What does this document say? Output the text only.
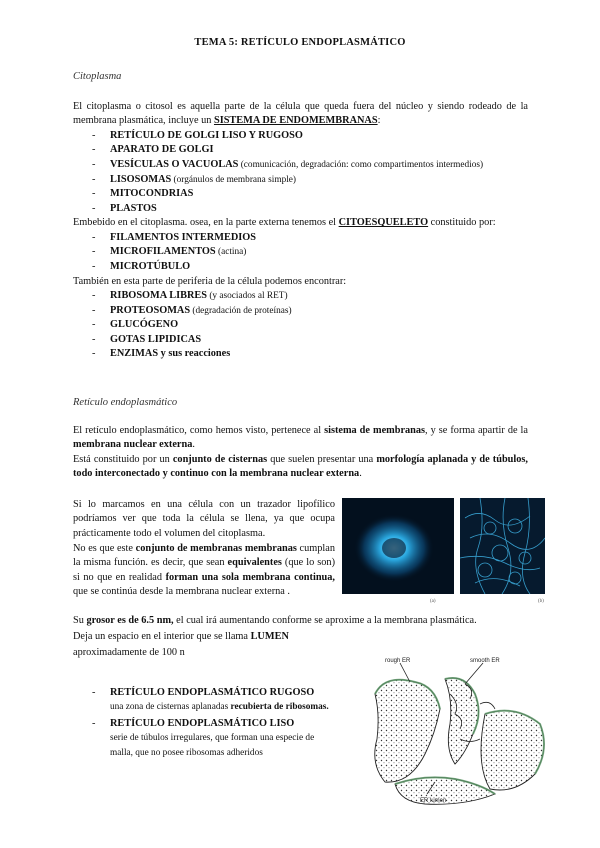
TEMA 5: RETÍCULO ENDOPLASMÁTICO
Citoplasma
El citoplasma o citosol es aquella parte de la célula que queda fuera del núcleo y siendo rodeado de la membrana plasmática, incluye un SISTEMA DE ENDOMEMBRANAS:
- RETÍCULO DE GOLGI LISO Y RUGOSO
- APARATO DE GOLGI
- VESÍCULAS O VACUOLAS (comunicación, degradación: como compartimentos intermedios)
- LISOSOMAS (orgánulos de membrana simple)
- MITOCONDRIAS
- PLASTOS
Embebido en el citoplasma. osea, en la parte externa tenemos el CITOESQUELETO constituido por:
- FILAMENTOS INTERMEDIOS
- MICROFILAMENTOS (actina)
- MICROTÚBULO
También en esta parte de periferia de la célula podemos encontrar:
- RIBOSOMA LIBRES (y asociados al RET)
- PROTEOSOMAS (degradación de proteínas)
- GLUCÓGENO
- GOTAS LIPIDICAS
- ENZIMAS y sus reacciones
Retículo endoplasmático
El retículo endoplasmático, como hemos visto, pertenece al sistema de membranas, y se forma apartir de la membrana nuclear externa.
Está constituido por un conjunto de cisternas que suelen presentar una morfología aplanada y de túbulos, todo interconectado y continuo con la membrana nuclear externa.
Si lo marcamos en una célula con un trazador lipofílico podríamos ver que toda la célula se llena, ya que ocupa prácticamente todo el volumen del citoplasma.
No es que este conjunto de membranas membranas cumplan la misma función. es decir, que sean equivalentes (que lo son) si no que en realidad forman una sola membrana continua, que se continúa desde la membrana nuclear externa .
(a)	(b)
Su grosor es de 6.5 nm, el cual irá aumentando conforme se aproxime a la membrana plasmática.
Deja un espacio en el interior que se llama LUMEN
aproximadamente de 100 n
- RETÍCULO ENDOPLASMÁTICO RUGOSO
una zona de cisternas aplanadas recubierta de ribosomas.
- RETÍCULO ENDOPLASMÁTICO LISO
serie de túbulos irregulares, que forman una especie de malla, que no posee ribosomas adheridos
rough ER	smooth ER
ER lumen
